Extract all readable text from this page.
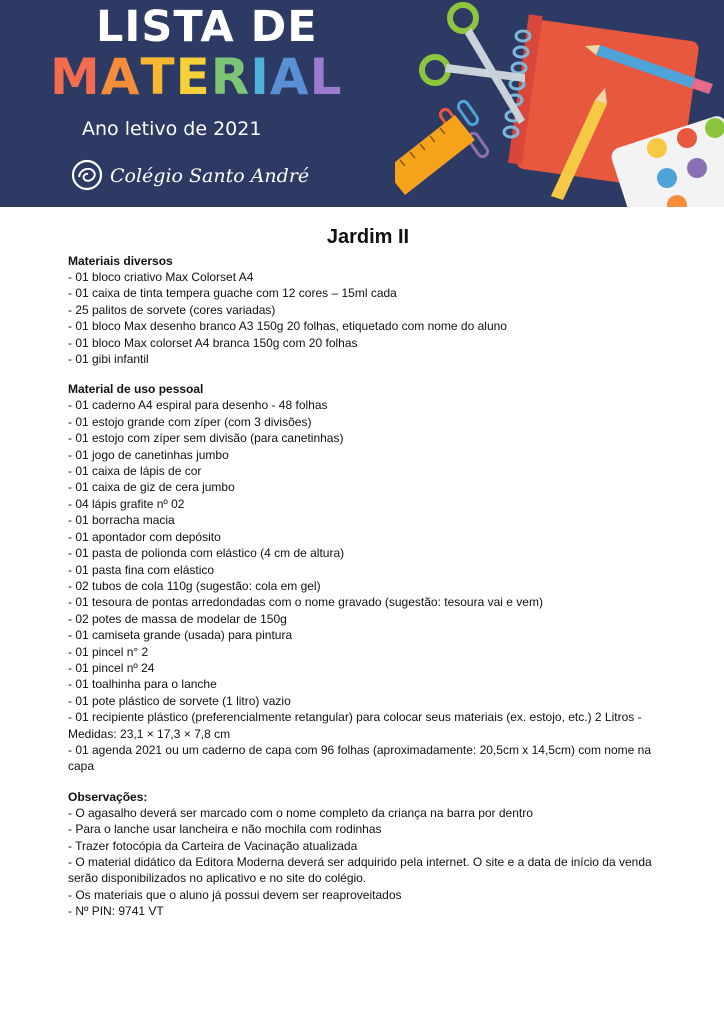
LISTA DE
MATERIAL
Ano letivo de 2021
Colégio Santo André
Jardim II
Materiais diversos
- 01 bloco criativo Max Colorset A4
- 01 caixa de tinta tempera guache com 12 cores – 15ml cada
- 25 palitos de sorvete (cores variadas)
- 01 bloco Max desenho branco A3 150g 20 folhas, etiquetado com nome do aluno
- 01 bloco Max colorset A4 branca 150g com 20 folhas
- 01 gibi infantil
Material de uso pessoal
- 01 caderno A4 espiral para desenho - 48 folhas
- 01 estojo grande com zíper (com 3 divisões)
- 01 estojo com zíper sem divisão (para canetinhas)
- 01 jogo de canetinhas jumbo
- 01 caixa de lápis de cor
- 01 caixa de giz de cera jumbo
- 04 lápis grafite nº 02
- 01 borracha macia
- 01 apontador com depósito
- 01 pasta de polionda com elástico (4 cm de altura)
- 01 pasta fina com elástico
- 02 tubos de cola 110g (sugestão: cola em gel)
- 01 tesoura de pontas arredondadas com o nome gravado (sugestão: tesoura vai e vem)
- 02 potes de massa de modelar de 150g
- 01 camiseta grande (usada) para pintura
- 01 pincel n° 2
- 01 pincel nº 24
- 01 toalhinha para o lanche
- 01 pote plástico de sorvete (1 litro) vazio
- 01 recipiente plástico (preferencialmente retangular) para colocar seus materiais (ex. estojo, etc.) 2 Litros - Medidas: 23,1 × 17,3 × 7,8 cm
- 01 agenda 2021 ou um caderno de capa com 96 folhas (aproximadamente: 20,5cm x 14,5cm) com nome na capa
Observações:
- O agasalho deverá ser marcado com o nome completo da criança na barra por dentro
- Para o lanche usar lancheira e não mochila com rodinhas
- Trazer fotocópia da Carteira de Vacinação atualizada
- O material didático da Editora Moderna deverá ser adquirido pela internet. O site e a data de início da venda serão disponibilizados no aplicativo e no site do colégio.
- Os materiais que o aluno já possui devem ser reaproveitados
- Nº PIN: 9741 VT
